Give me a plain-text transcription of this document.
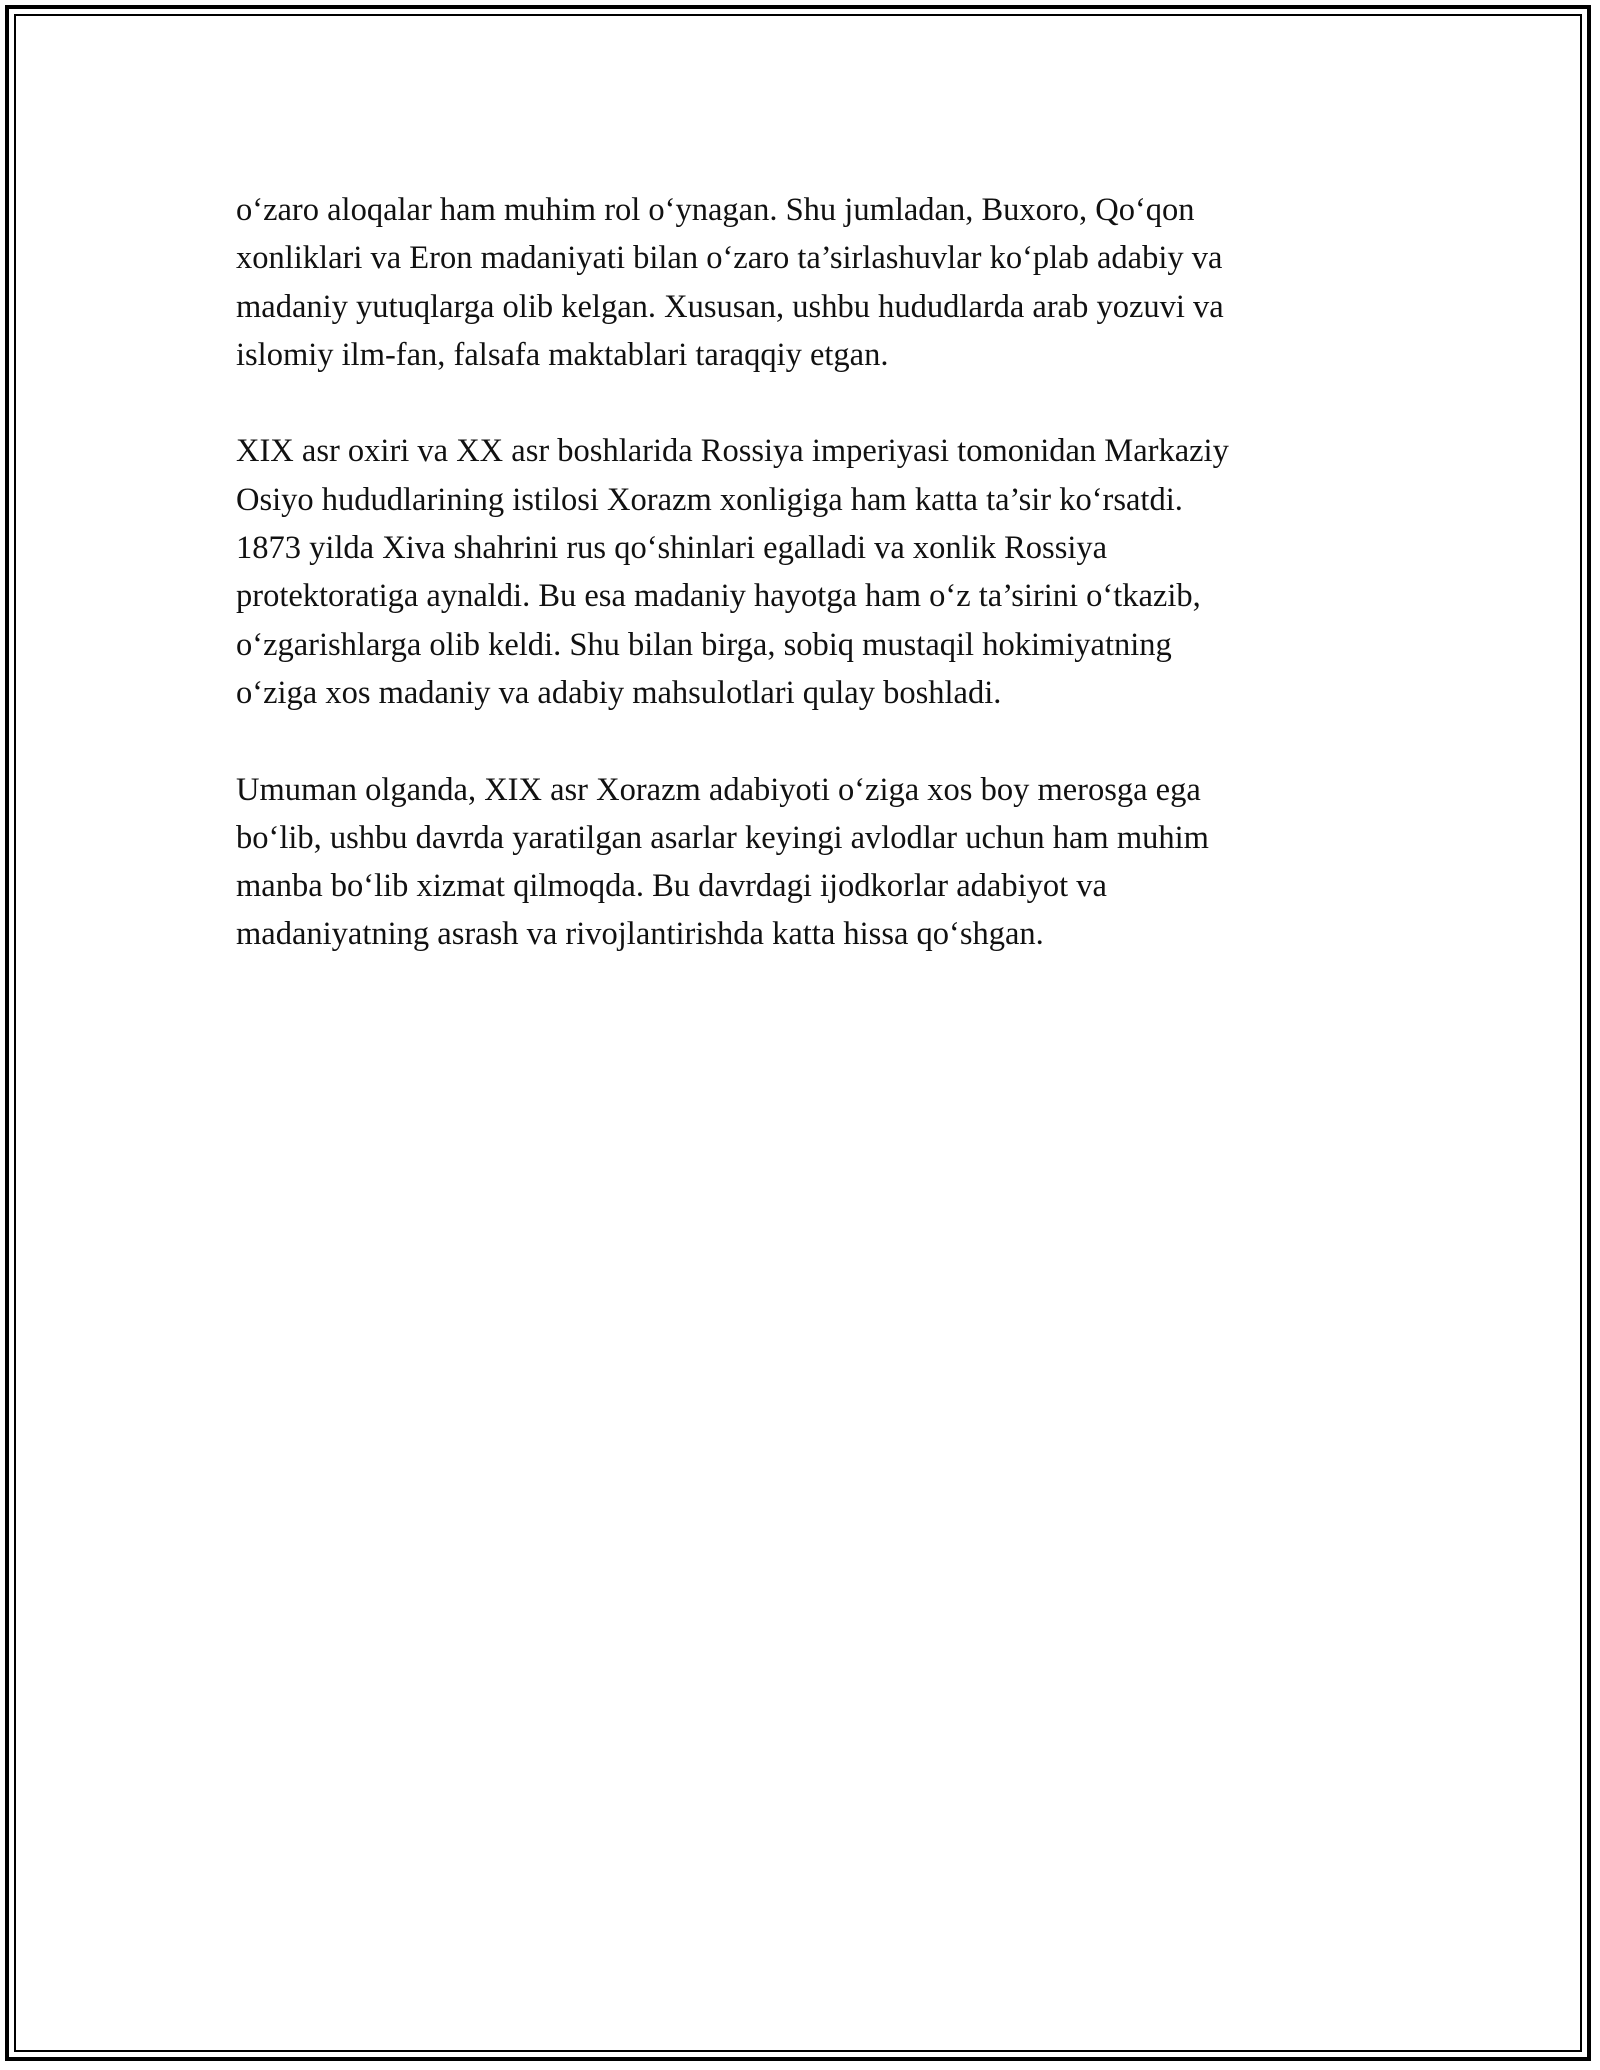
o‘zaro aloqalar ham muhim rol o‘ynagan. Shu jumladan, Buxoro, Qo‘qon
xonliklari va Eron madaniyati bilan o‘zaro ta’sirlashuvlar ko‘plab adabiy va
madaniy yutuqlarga olib kelgan. Xususan, ushbu hududlarda arab yozuvi va
islomiy ilm-fan, falsafa maktablari taraqqiy etgan.

XIX asr oxiri va XX asr boshlarida Rossiya imperiyasi tomonidan Markaziy
Osiyo hududlarining istilosi Xorazm xonligiga ham katta ta’sir ko‘rsatdi.
1873 yilda Xiva shahrini rus qo‘shinlari egalladi va xonlik Rossiya
protektoratiga aynaldi. Bu esa madaniy hayotga ham o‘z ta’sirini o‘tkazib,
o‘zgarishlarga olib keldi. Shu bilan birga, sobiq mustaqil hokimiyatning
o‘ziga xos madaniy va adabiy mahsulotlari qulay boshladi.

Umuman olganda, XIX asr Xorazm adabiyoti o‘ziga xos boy merosga ega
bo‘lib, ushbu davrda yaratilgan asarlar keyingi avlodlar uchun ham muhim
manba bo‘lib xizmat qilmoqda. Bu davrdagi ijodkorlar adabiyot va
madaniyatning asrash va rivojlantirishda katta hissa qo‘shgan.
